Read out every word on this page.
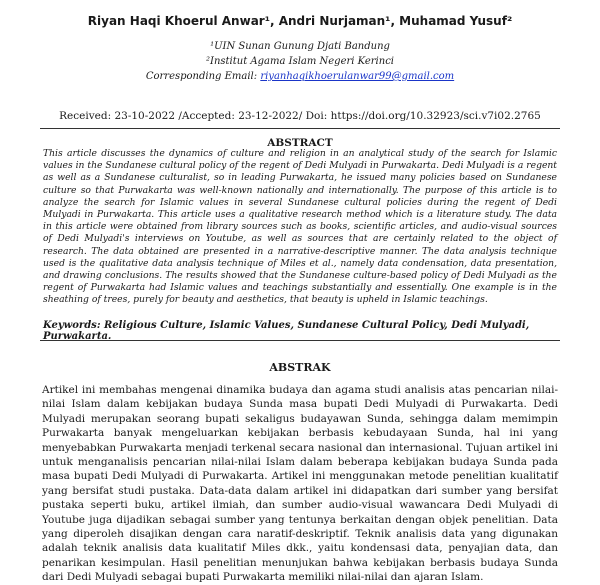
Riyan Haqi Khoerul Anwar¹, Andri Nurjaman¹, Muhamad Yusuf²
¹UIN Sunan Gunung Djati Bandung
²Institut Agama Islam Negeri Kerinci
Corresponding Email: riyanhaqikhoerulanwar99@gmail.com
Received: 23-10-2022 /Accepted: 23-12-2022/ Doi: https://doi.org/10.32923/sci.v7i02.2765
ABSTRACT

This article discusses the dynamics of culture and religion in an analytical study of the search for Islamic values in the Sundanese cultural policy of the regent of Dedi Mulyadi in Purwakarta. Dedi Mulyadi is a regent as well as a Sundanese culturalist, so in leading Purwakarta, he issued many policies based on Sundanese culture so that Purwakarta was well-known nationally and internationally. The purpose of this article is to analyze the search for Islamic values in several Sundanese cultural policies during the regent of Dedi Mulyadi in Purwakarta. This article uses a qualitative research method which is a literature study. The data in this article were obtained from library sources such as books, scientific articles, and audio-visual sources of Dedi Mulyadi's interviews on Youtube, as well as sources that are certainly related to the object of research. The data obtained are presented in a narrative-descriptive manner. The data analysis technique used is the qualitative data analysis technique of Miles et al., namely data condensation, data presentation, and drawing conclusions. The results showed that the Sundanese culture-based policy of Dedi Mulyadi as the regent of Purwakarta had Islamic values and teachings substantially and essentially. One example is in the sheathing of trees, purely for beauty and aesthetics, that beauty is upheld in Islamic teachings.

Keywords: Religious Culture, Islamic Values, Sundanese Cultural Policy, Dedi Mulyadi, Purwakarta.

ABSTRAK

Artikel ini membahas mengenai dinamika budaya dan agama studi analisis atas pencarian nilai-nilai Islam dalam kebijakan budaya Sunda masa bupati Dedi Mulyadi di Purwakarta. Dedi Mulyadi merupakan seorang bupati sekaligus budayawan Sunda, sehingga dalam memimpin Purwakarta banyak mengeluarkan kebijakan berbasis kebudayaan Sunda, hal ini yang menyebabkan Purwakarta menjadi terkenal secara nasional dan internasional. Tujuan artikel ini untuk menganalisis pencarian nilai-nilai Islam dalam beberapa kebijakan budaya Sunda pada masa bupati Dedi Mulyadi di Purwakarta. Artikel ini menggunakan metode penelitian kualitatif yang bersifat studi pustaka. Data-data dalam artikel ini didapatkan dari sumber yang bersifat pustaka seperti buku, artikel ilmiah, dan sumber audio-visual wawancara Dedi Mulyadi di Youtube juga dijadikan sebagai sumber yang tentunya berkaitan dengan objek penelitian. Data yang diperoleh disajikan dengan cara naratif-deskriptif. Teknik analisis data yang digunakan adalah teknik analisis data kualitatif Miles dkk., yaitu kondensasi data, penyajian data, dan penarikan kesimpulan. Hasil penelitian menunjukan bahwa kebijakan berbasis budaya Sunda dari Dedi Mulyadi sebagai bupati Purwakarta memiliki nilai-nilai dan ajaran Islam.
